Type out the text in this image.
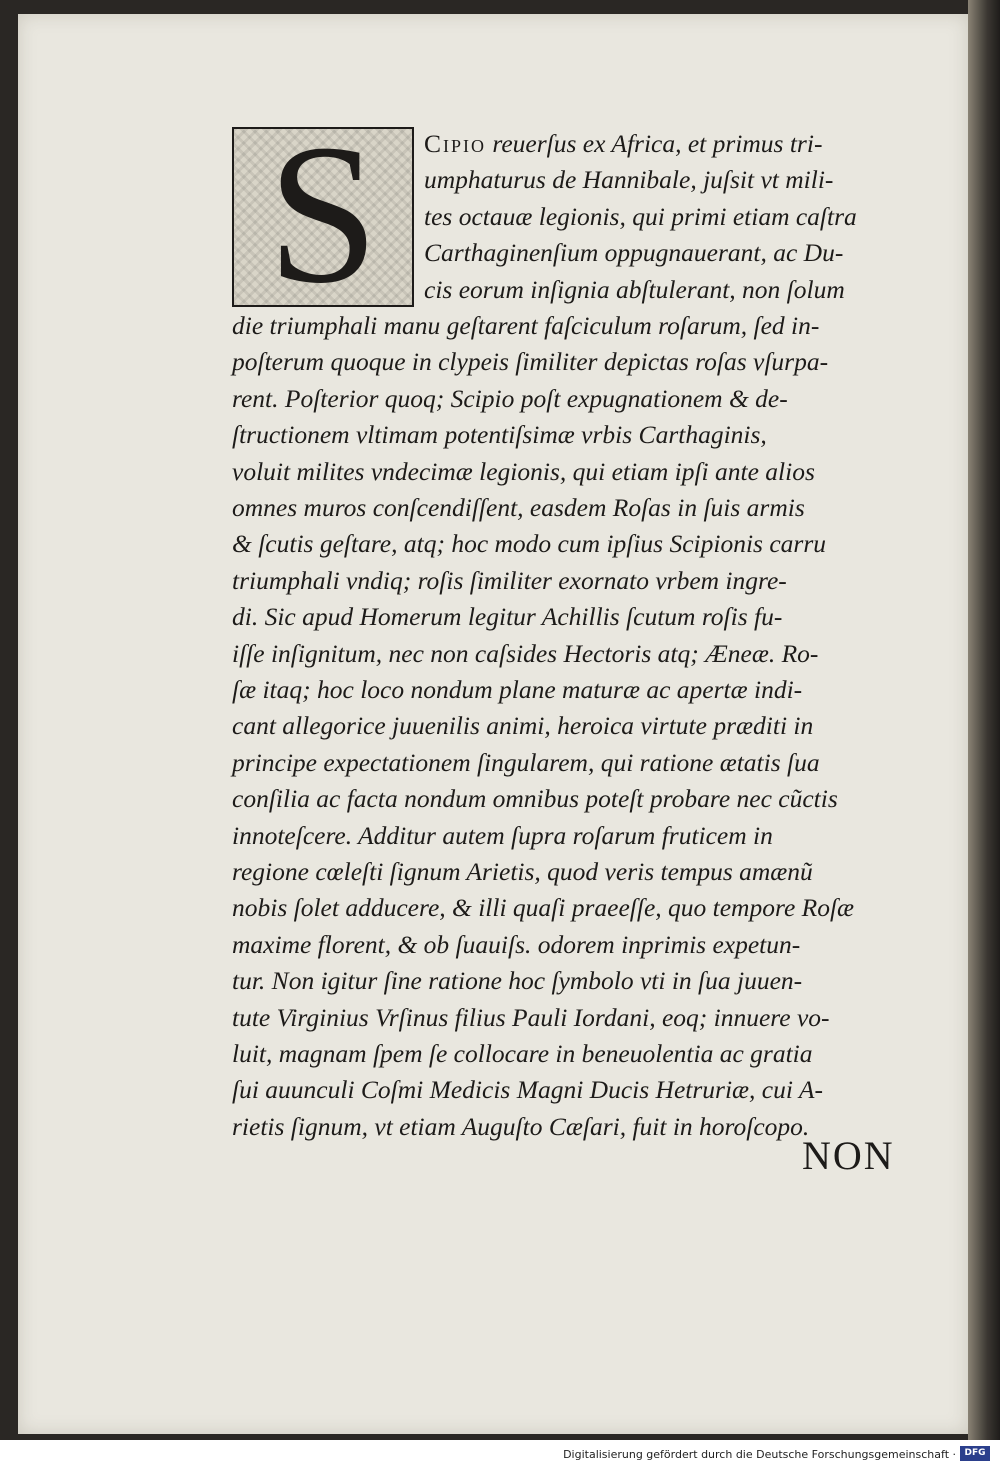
S	Cipio reuerſus ex Africa, et primus tri-
umphaturus de Hannibale, juſsit vt mili-
tes octauæ legionis, qui primi etiam caſtra
Carthaginenſium oppugnauerant, ac Du-
cis eorum inſignia abſtulerant, non ſolum
die triumphali manu geſtarent faſciculum roſarum, ſed in-
poſterum quoque in clypeis ſimiliter depictas roſas vſurpa-
rent. Poſterior quoq; Scipio poſt expugnationem & de-
ſtructionem vltimam potentiſsimæ vrbis Carthaginis,
voluit milites vndecimæ legionis, qui etiam ipſi ante alios
omnes muros conſcendiſſent, easdem Roſas in ſuis armis
& ſcutis geſtare, atq; hoc modo cum ipſius Scipionis carru
triumphali vndiq; roſis ſimiliter exornato vrbem ingre-
di. Sic apud Homerum legitur Achillis ſcutum roſis fu-
iſſe inſignitum, nec non caſsides Hectoris atq; Æneæ. Ro-
ſæ itaq; hoc loco nondum plane maturæ ac apertæ indi-
cant allegorice juuenilis animi, heroica virtute præditi in
principe expectationem ſingularem, qui ratione ætatis ſua
conſilia ac facta nondum omnibus poteſt probare nec cũctis
innoteſcere. Additur autem ſupra roſarum fruticem in
regione cœleſti ſignum Arietis, quod veris tempus amænũ
nobis ſolet adducere, & illi quaſi praeeſſe, quo tempore Roſæ
maxime florent, & ob ſuauiſs. odorem inprimis expetun-
tur. Non igitur ſine ratione hoc ſymbolo vti in ſua juuen-
tute Virginius Vrſinus filius Pauli Iordani, eoq; innuere vo-
luit, magnam ſpem ſe collocare in beneuolentia ac gratia
ſui auunculi Coſmi Medicis Magni Ducis Hetruriæ, cui A-
rietis ſignum, vt etiam Auguſto Cæſari, fuit in horoſcopo.
NON
Digitalisierung gefördert durch die Deutsche Forschungsgemeinschaft · DFG
